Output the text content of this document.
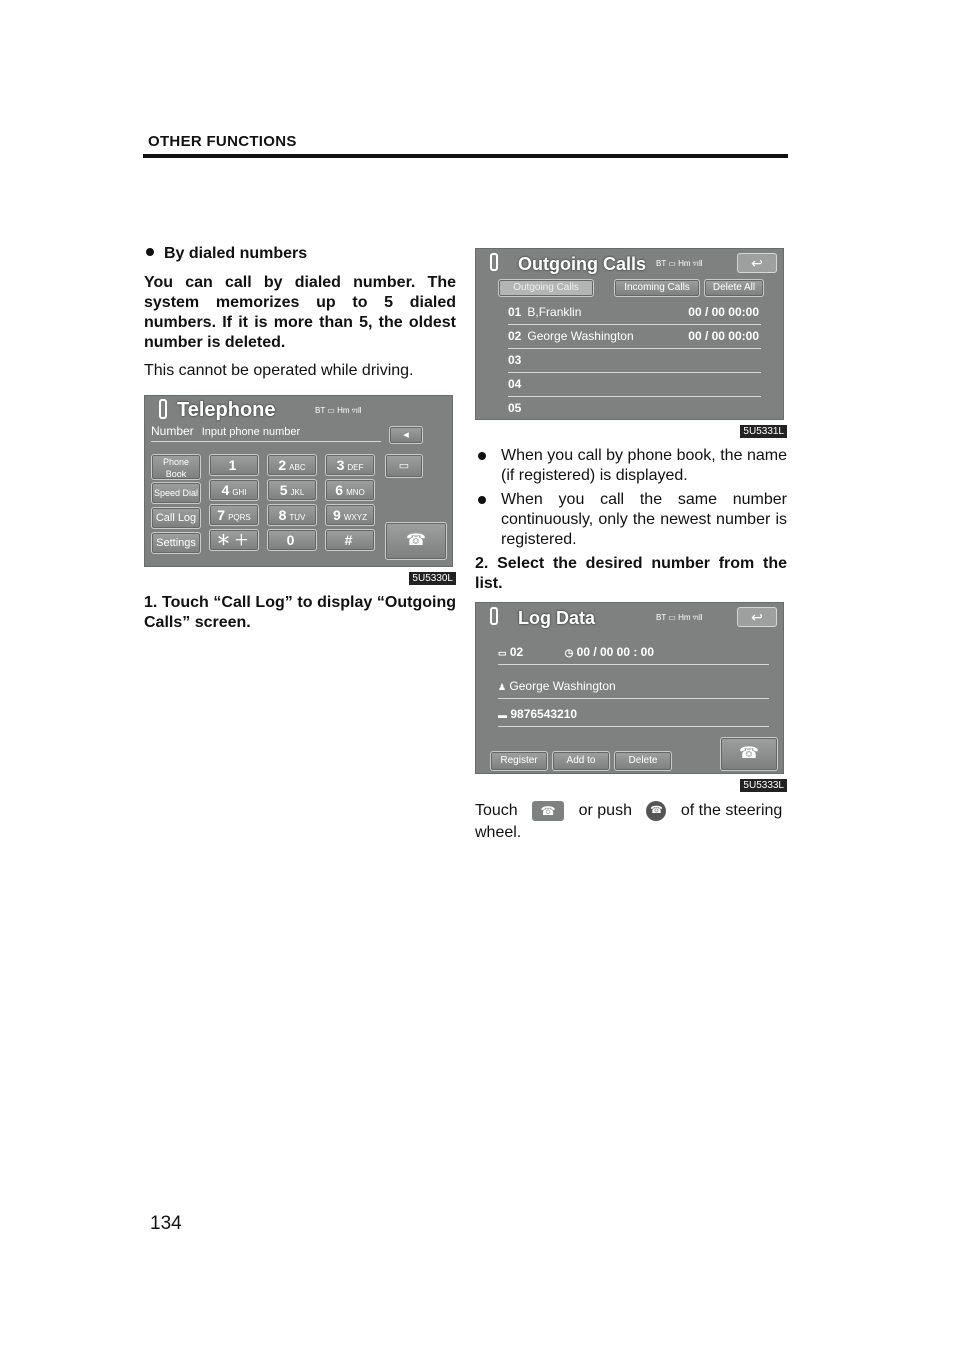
OTHER FUNCTIONS
By dialed numbers
You can call by dialed number. The system memorizes up to 5 dialed numbers. If it is more than 5, the oldest number is deleted.
This cannot be operated while driving.
Telephone	BT ▭ Hm ▿ıll
Number Input phone number	◂
Phone Book
Speed Dial
Call Log
Settings
1	2 ABC	3 DEF
4 GHI	5 JKL	6 MNO
7 PQRS	8 TUV	9 WXYZ
＊ ＋	0	#
▭
☎
5U5330L
1. Touch “Call Log” to display “Outgoing Calls” screen.
Outgoing Calls BT ▭ Hm ▿ıll	↩
Outgoing Calls	Incoming Calls	Delete All
01 B,Franklin	00 / 00 00:00
02 George Washington	00 / 00 00:00
03
04
05
5U5331L
When you call by phone book, the name (if registered) is displayed.
When you call the same number continuously, only the newest number is registered.
2. Select the desired number from the list.
Log Data	BT ▭ Hm ▿ıll	↩
▭ 02	◷ 00 / 00 00 : 00
♟ George Washington
▬ 9876543210
Register	Add to	Delete	☎
5U5333L
Touch ☎ or push ☎ of the steering wheel.
134
